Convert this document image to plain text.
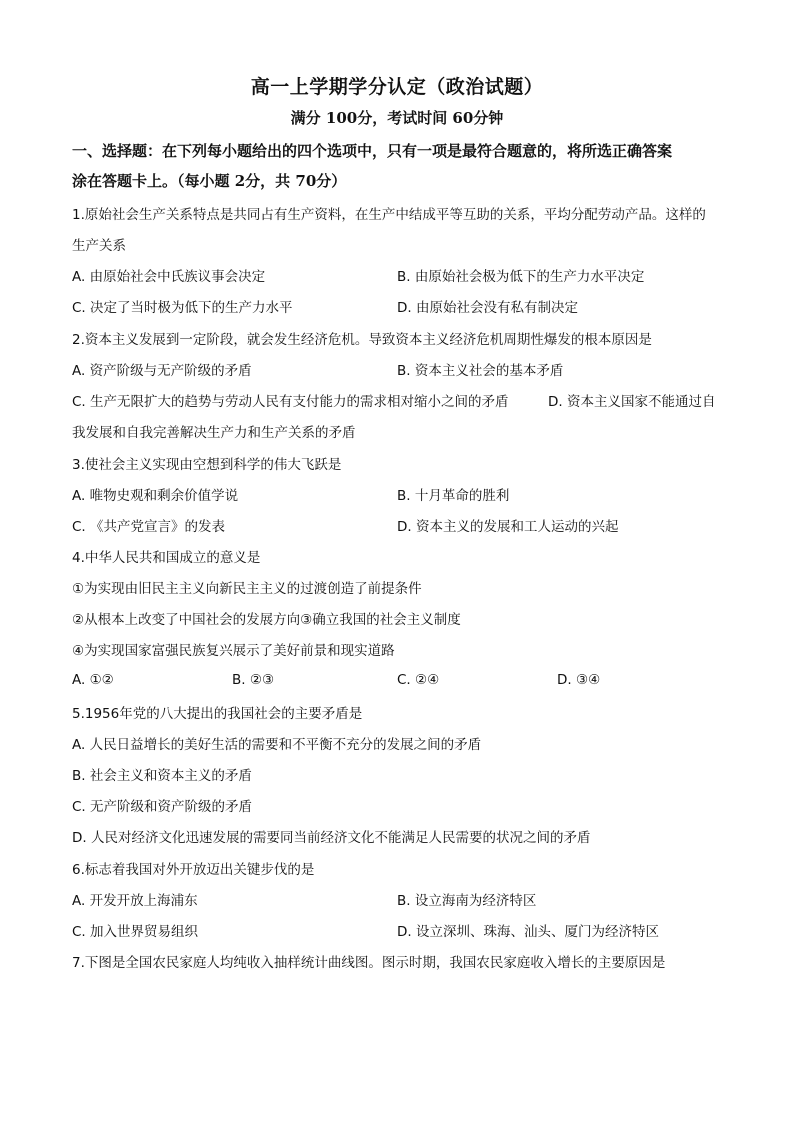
高一上学期学分认定（政治试题）
满分 100分，考试时间 60分钟
一、选择题：在下列每小题给出的四个选项中，只有一项是最符合题意的，将所选正确答案
涂在答题卡上。（每小题 2分，共 70分）
1.原始社会生产关系特点是共同占有生产资料，在生产中结成平等互助的关系，平均分配劳动产品。这样的
生产关系
A. 由原始社会中氏族议事会决定	B. 由原始社会极为低下的生产力水平决定
C. 决定了当时极为低下的生产力水平	D. 由原始社会没有私有制决定
2.资本主义发展到一定阶段，就会发生经济危机。导致资本主义经济危机周期性爆发的根本原因是
A. 资产阶级与无产阶级的矛盾	B. 资本主义社会的基本矛盾
C. 生产无限扩大的趋势与劳动人民有支付能力的需求相对缩小之间的矛盾	D. 资本主义国家不能通过自
我发展和自我完善解决生产力和生产关系的矛盾
3.使社会主义实现由空想到科学的伟大飞跃是
A. 唯物史观和剩余价值学说	B. 十月革命的胜利
C. 《共产党宣言》的发表	D. 资本主义的发展和工人运动的兴起
4.中华人民共和国成立的意义是
①为实现由旧民主主义向新民主主义的过渡创造了前提条件
②从根本上改变了中国社会的发展方向③确立我国的社会主义制度
④为实现国家富强民族复兴展示了美好前景和现实道路
A. ①②	B. ②③	C. ②④	D. ③④
5.1956年党的八大提出的我国社会的主要矛盾是
A. 人民日益增长的美好生活的需要和不平衡不充分的发展之间的矛盾
B. 社会主义和资本主义的矛盾
C. 无产阶级和资产阶级的矛盾
D. 人民对经济文化迅速发展的需要同当前经济文化不能满足人民需要的状况之间的矛盾
6.标志着我国对外开放迈出关键步伐的是
A. 开发开放上海浦东	B. 设立海南为经济特区
C. 加入世界贸易组织	D. 设立深圳、珠海、汕头、厦门为经济特区
7.下图是全国农民家庭人均纯收入抽样统计曲线图。图示时期，我国农民家庭收入增长的主要原因是
